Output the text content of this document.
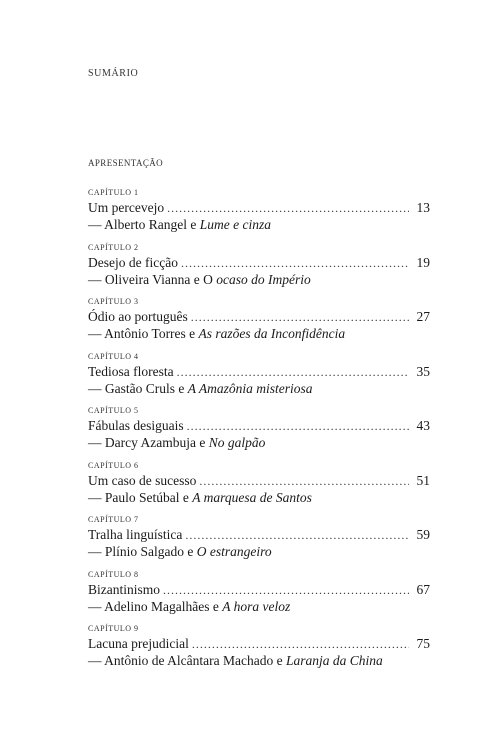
SUMÁRIO
APRESENTAÇÃO
CAPÍTULO 1
Um percevejo .....	13
— Alberto Rangel e Lume e cinza
CAPÍTULO 2
Desejo de ficção .....	19
— Oliveira Vianna e O ocaso do Império
CAPÍTULO 3
Ódio ao português .....	27
— Antônio Torres e As razões da Inconfidência
CAPÍTULO 4
Tediosa floresta .....	35
— Gastão Cruls e A Amazônia misteriosa
CAPÍTULO 5
Fábulas desiguais .....	43
— Darcy Azambuja e No galpão
CAPÍTULO 6
Um caso de sucesso .....	51
— Paulo Setúbal e A marquesa de Santos
CAPÍTULO 7
Tralha linguística .....	59
— Plínio Salgado e O estrangeiro
CAPÍTULO 8
Bizantinismo .....	67
— Adelino Magalhães e A hora veloz
CAPÍTULO 9
Lacuna prejudicial .....	75
— Antônio de Alcântara Machado e Laranja da China
